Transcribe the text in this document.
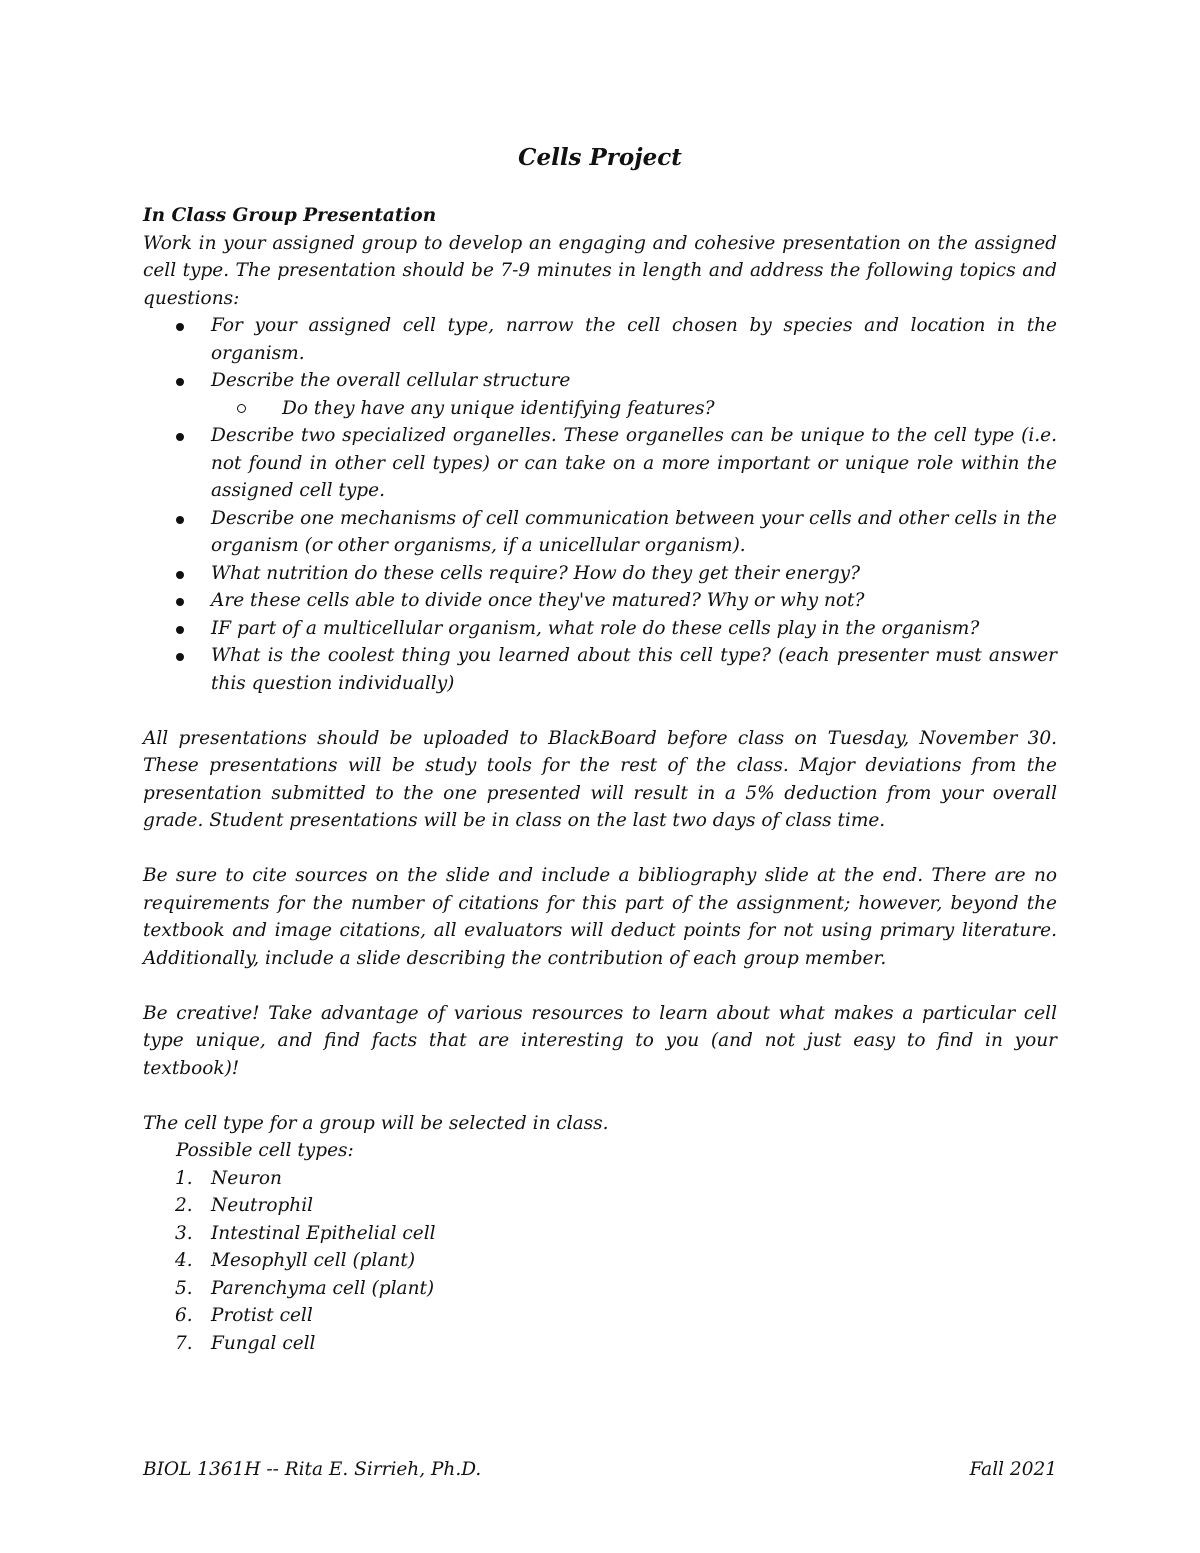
Cells Project

In Class Group Presentation

Work in your assigned group to develop an engaging and cohesive presentation on the assigned cell type. The presentation should be 7-9 minutes in length and address the following topics and questions:

For your assigned cell type, narrow the cell chosen by species and location in the organism.
Describe the overall cellular structure
Do they have any unique identifying features?
Describe two specialized organelles. These organelles can be unique to the cell type (i.e. not found in other cell types) or can take on a more important or unique role within the assigned cell type.
Describe one mechanisms of cell communication between your cells and other cells in the organism (or other organisms, if a unicellular organism).
What nutrition do these cells require? How do they get their energy?
Are these cells able to divide once they've matured? Why or why not?
IF part of a multicellular organism, what role do these cells play in the organism?
What is the coolest thing you learned about this cell type? (each presenter must answer this question individually)

All presentations should be uploaded to BlackBoard before class on Tuesday, November 30. These presentations will be study tools for the rest of the class. Major deviations from the presentation submitted to the one presented will result in a 5% deduction from your overall grade. Student presentations will be in class on the last two days of class time.

Be sure to cite sources on the slide and include a bibliography slide at the end. There are no requirements for the number of citations for this part of the assignment; however, beyond the textbook and image citations, all evaluators will deduct points for not using primary literature. Additionally, include a slide describing the contribution of each group member.

Be creative! Take advantage of various resources to learn about what makes a particular cell type unique, and find facts that are interesting to you (and not just easy to find in your textbook)!

The cell type for a group will be selected in class.

Possible cell types:

1. Neuron
2. Neutrophil
3. Intestinal Epithelial cell
4. Mesophyll cell (plant)
5. Parenchyma cell (plant)
6. Protist cell
7. Fungal cell
BIOL 1361H -- Rita E. Sirrieh, Ph.D.	Fall 2021
